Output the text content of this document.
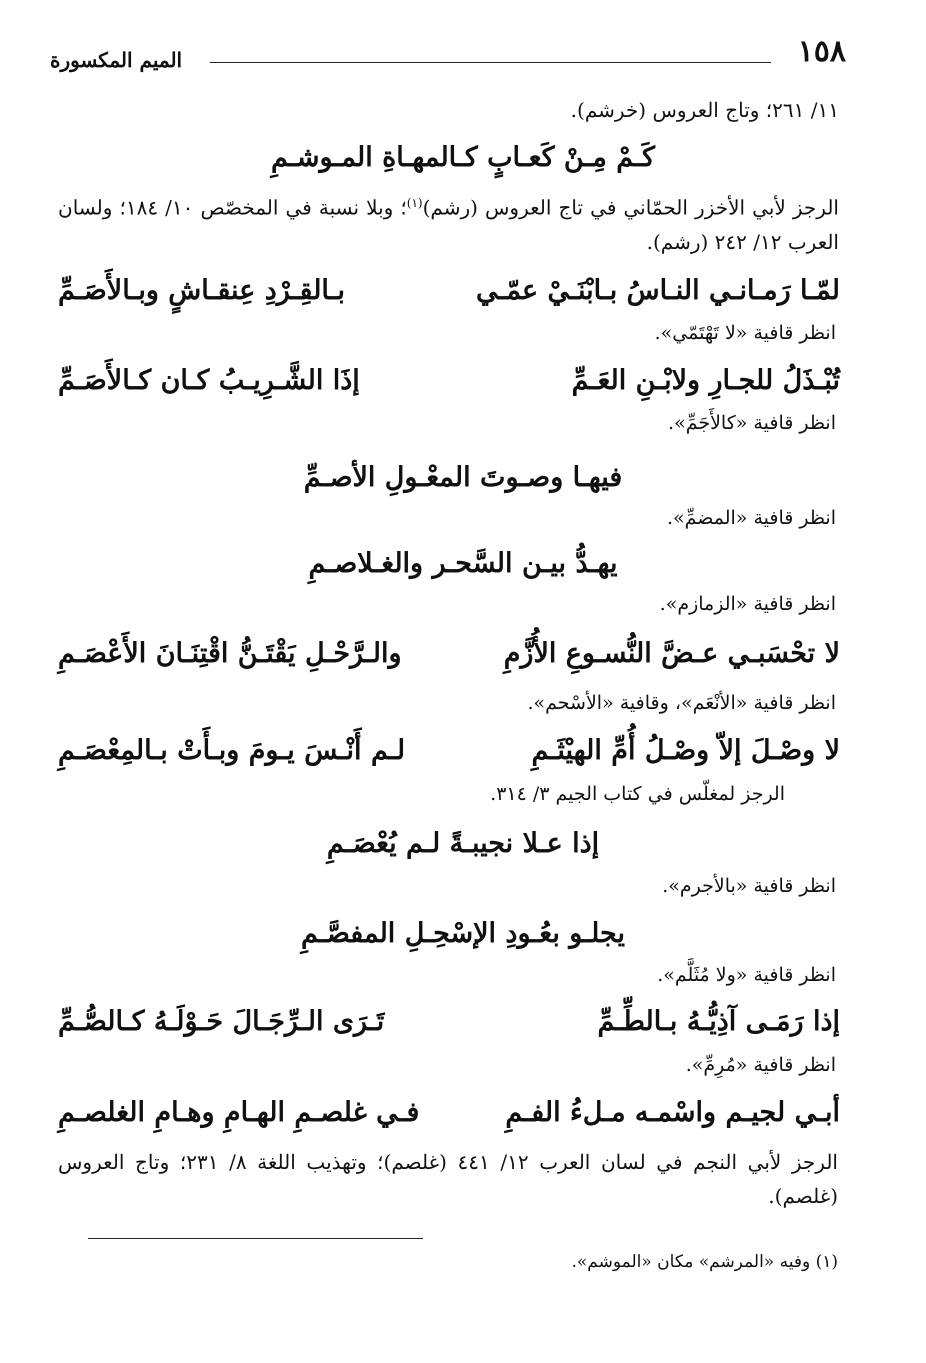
١٥٨
الميم المكسورة
١١/ ٢٦١؛ وتاج العروس (خرشم).
كَـمْ مِـنْ كَعـابٍ كـالمهـاةِ المـوشـمِ
الرجز لأبي الأخزر الحمّاني في تاج العروس (رشم)$^{(١)}$؛ وبلا نسبة في المخصّص ١٠/ ١٨٤؛ ولسان العرب ١٢/ ٢٤٢ (رشم).
لمّـا رَمـانـي النـاسُ بـابْنَـيْ عمّـي
بـالقِـرْدِ عِنقـاشٍ وبـالأَصَـمِّ
انظر قافية «لا تَهْتَمّي».
تُبْـذَلُ للجـارِ ولابْـنِ العَـمِّ
إذَا الشَّـرِيـبُ كـان كـالأَصَـمِّ
انظر قافية «كالأَجَمِّ».
فيهـا وصـوتَ المعْـولِ الأصـمِّ
انظر قافية «المضمِّ».
يهـدُّ بيـن السَّحـر والغـلاصـمِ
انظر قافية «الزمازم».
لا تحْسَبـي عـضَّ النُّسـوعِ الأُزَّمِ
والـرَّحْـلِ يَقْتَـنُّ اقْتِنَـانَ الأَعْصَـمِ
انظر قافية «الأنْعَم»، وقافية «الأسْحم».
لا وصْـلَ إلاّ وصْـلُ أُمِّ الهيْثَـمِ
لـم أَنْـسَ يـومَ وبـأَتْ بـالمِعْصَـمِ
الرجز لمغلّس في كتاب الجيم ٣/ ٣١٤.
إذا عـلا نجيبـةً لـم يُعْصَـمِ
انظر قافية «بالأجرم».
يجلـو بعُـودِ الإسْحِـلِ المفصَّـمِ
انظر قافية «ولا مُثَلَّم».
إذا رَمَـى آذِيُّـهُ بـالطِّـمِّ
تَـرَى الـرِّجَـالَ حَـوْلَـهُ كـالصُّـمِّ
انظر قافية «مُرِمِّ».
أبـي لجيـم واسْمـه مـلءُ الفـمِ
فـي غلصـمِ الهـامِ وهـامِ الغلصـمِ
الرجز لأبي النجم في لسان العرب ١٢/ ٤٤١ (غلصم)؛ وتهذيب اللغة ٨/ ٢٣١؛ وتاج العروس (غلصم).
(١) وفيه «المرشم» مكان «الموشم».
